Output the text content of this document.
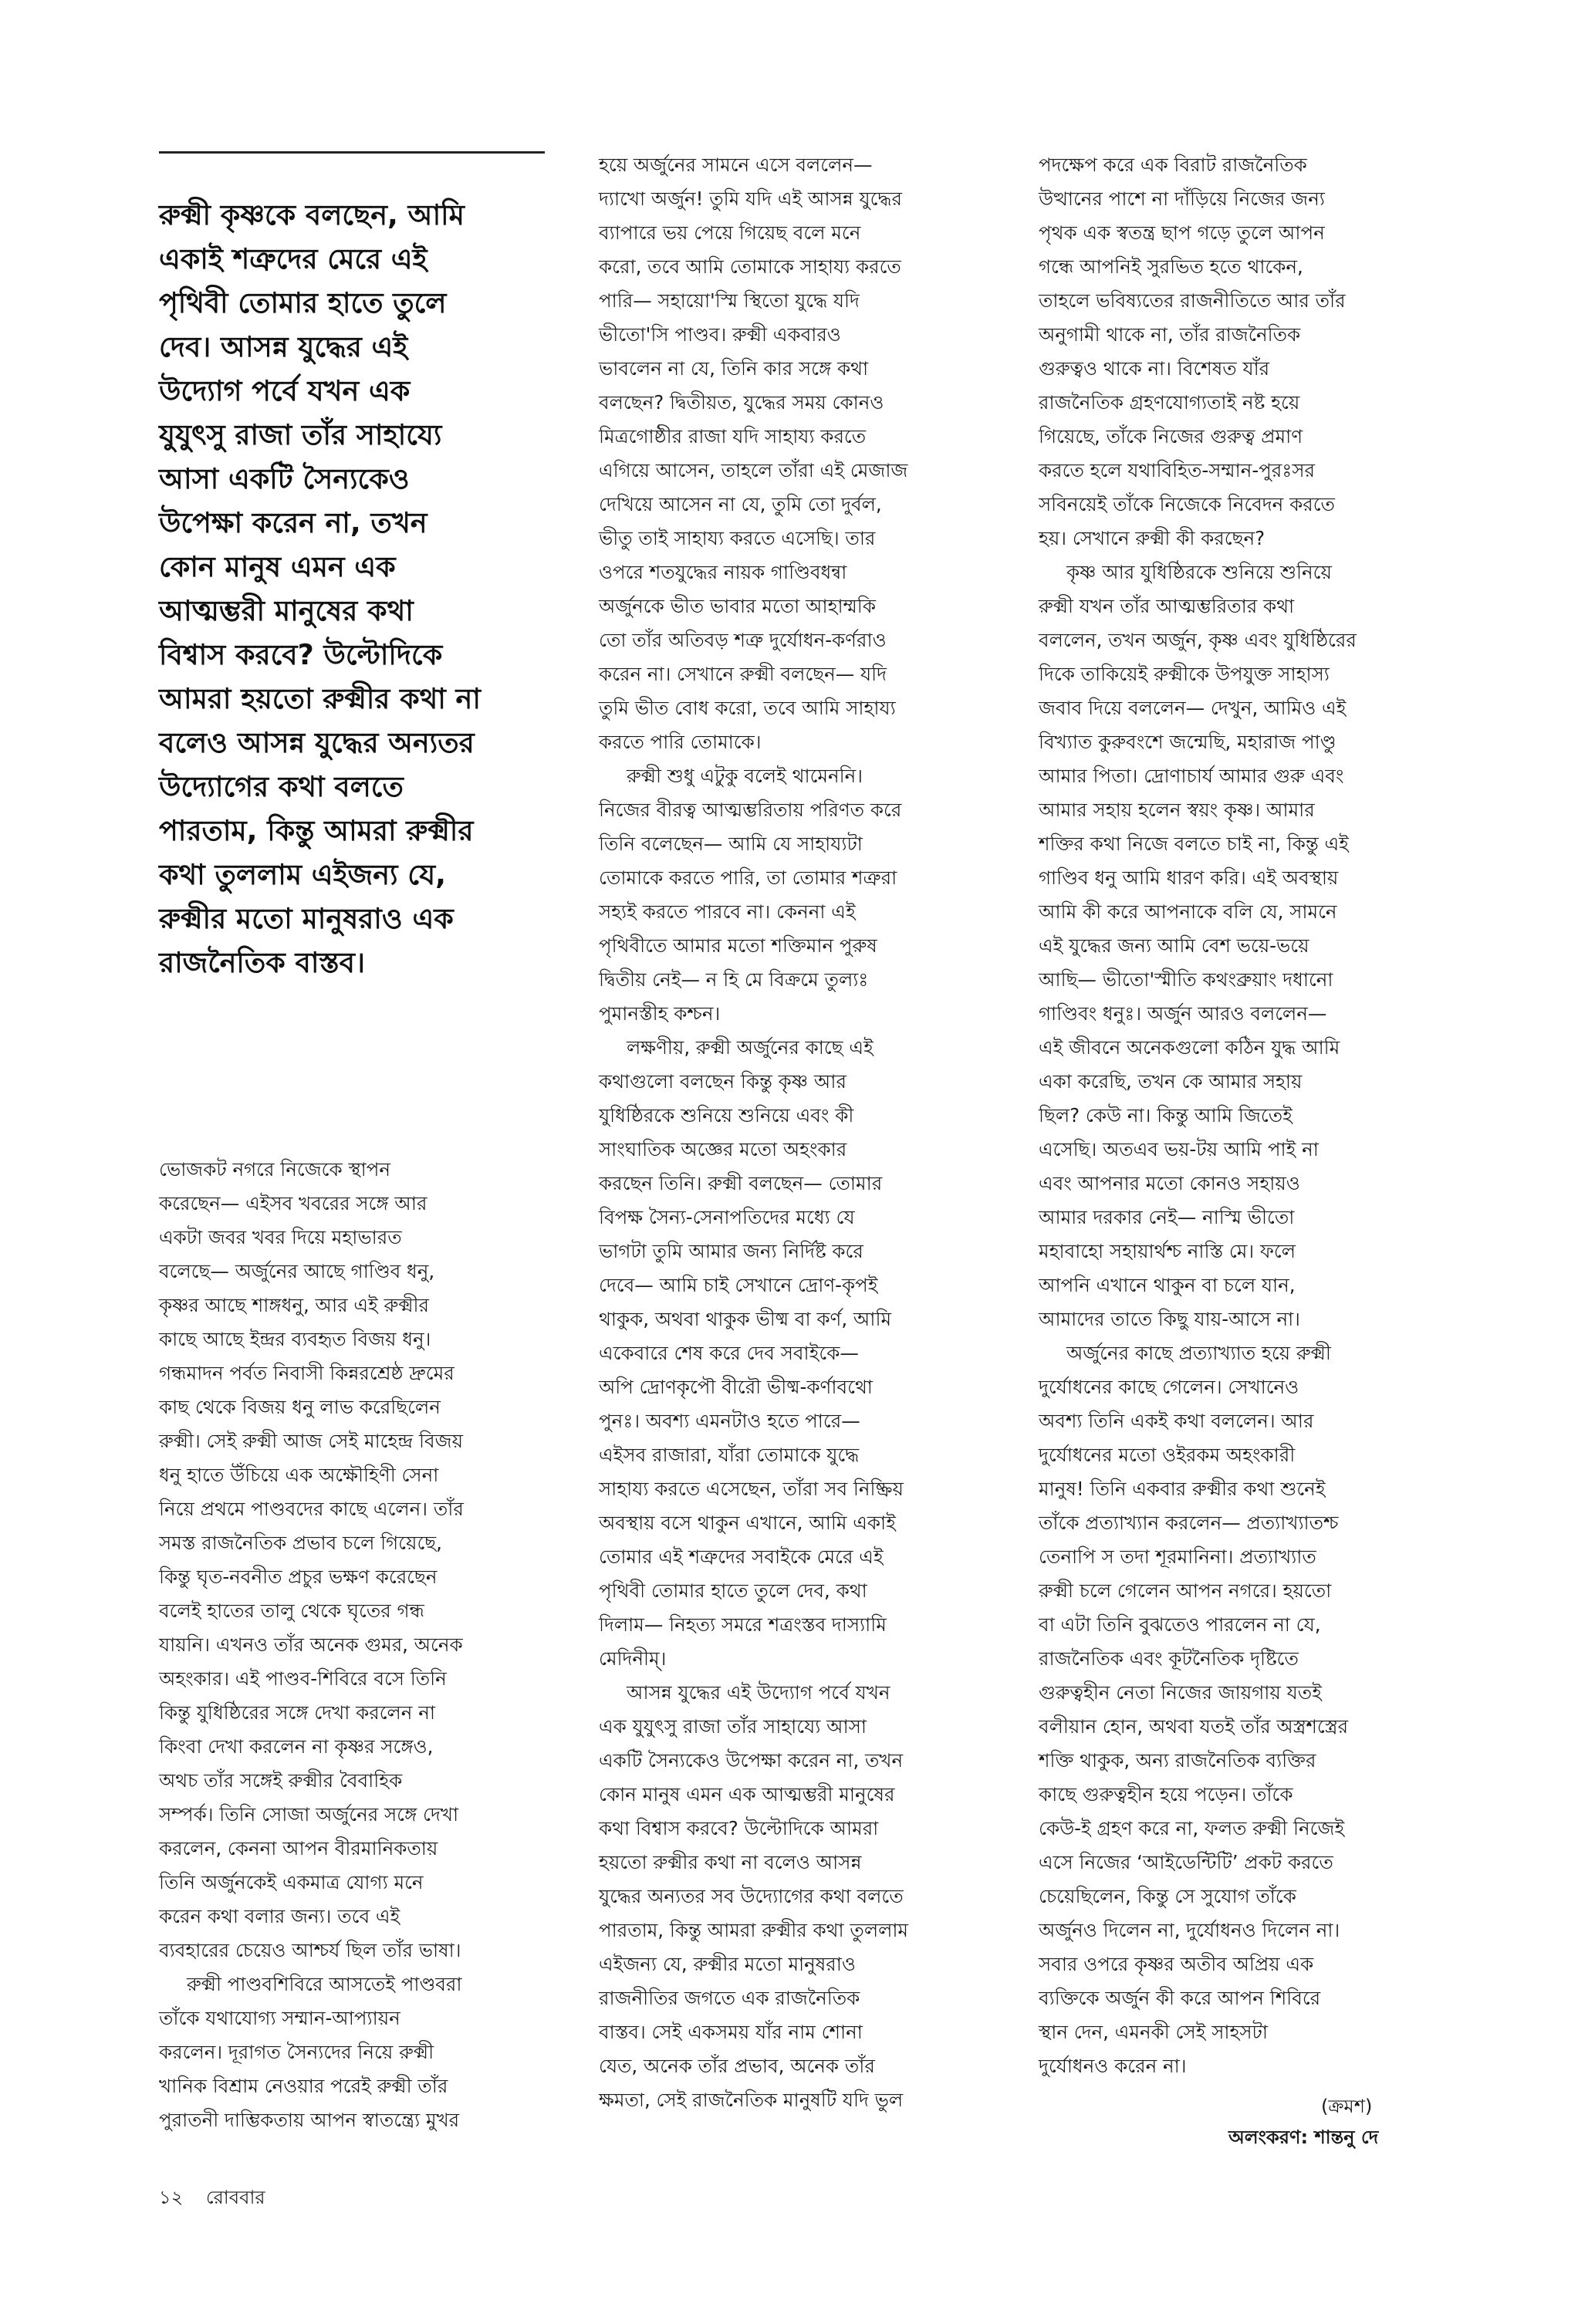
রুক্মী কৃষ্ণকে বলছেন, আমি
একাই শত্রুদের মেরে এই
পৃথিবী তোমার হাতে তুলে
দেব। আসন্ন যুদ্ধের এই
উদ্যোগ পর্বে যখন এক
যুযুৎসু রাজা তাঁর সাহায্যে
আসা একটি সৈন্যকেও
উপেক্ষা করেন না, তখন
কোন মানুষ এমন এক
আত্মম্ভরী মানুষের কথা
বিশ্বাস করবে? উল্টোদিকে
আমরা হয়তো রুক্মীর কথা না
বলেও আসন্ন যুদ্ধের অন্যতর
উদ্যোগের কথা বলতে
পারতাম, কিন্তু আমরা রুক্মীর
কথা তুললাম এইজন্য যে,
রুক্মীর মতো মানুষরাও এক
রাজনৈতিক বাস্তব।
ভোজকট নগরে নিজেকে স্থাপন
করেছেন— এইসব খবরের সঙ্গে আর
একটা জবর খবর দিয়ে মহাভারত
বলেছে— অর্জুনের আছে গাণ্ডিব ধনু,
কৃষ্ণর আছে শাঙ্গধনু, আর এই রুক্মীর
কাছে আছে ইন্দ্রর ব্যবহৃত বিজয় ধনু।
গন্ধমাদন পর্বত নিবাসী কিন্নরশ্রেষ্ঠ দ্রুমের
কাছ থেকে বিজয় ধনু লাভ করেছিলেন
রুক্মী। সেই রুক্মী আজ সেই মাহেন্দ্র বিজয়
ধনু হাতে উঁচিয়ে এক অক্ষৌহিণী সেনা
নিয়ে প্রথমে পাণ্ডবদের কাছে এলেন। তাঁর
সমস্ত রাজনৈতিক প্রভাব চলে গিয়েছে,
কিন্তু ঘৃত-নবনীত প্রচুর ভক্ষণ করেছেন
বলেই হাতের তালু থেকে ঘৃতের গন্ধ
যায়নি। এখনও তাঁর অনেক গুমর, অনেক
অহংকার। এই পাণ্ডব-শিবিরে বসে তিনি
কিন্তু যুধিষ্ঠিরের সঙ্গে দেখা করলেন না
কিংবা দেখা করলেন না কৃষ্ণর সঙ্গেও,
অথচ তাঁর সঙ্গেই রুক্মীর বৈবাহিক
সম্পর্ক। তিনি সোজা অর্জুনের সঙ্গে দেখা
করলেন, কেননা আপন বীরমানিকতায়
তিনি অর্জুনকেই একমাত্র যোগ্য মনে
করেন কথা বলার জন্য। তবে এই
ব্যবহারের চেয়েও আশ্চর্য ছিল তাঁর ভাষা।
রুক্মী পাণ্ডবশিবিরে আসতেই পাণ্ডবরা
তাঁকে যথাযোগ্য সম্মান-আপ্যায়ন
করলেন। দূরাগত সৈন্যদের নিয়ে রুক্মী
খানিক বিশ্রাম নেওয়ার পরেই রুক্মী তাঁর
পুরাতনী দাম্ভিকতায় আপন স্বাতন্ত্র্যে মুখর
হয়ে অর্জুনের সামনে এসে বললেন—
দ্যাখো অর্জুন! তুমি যদি এই আসন্ন যুদ্ধের
ব্যাপারে ভয় পেয়ে গিয়েছ বলে মনে
করো, তবে আমি তোমাকে সাহায্য করতে
পারি— সহায়ো'স্মি স্থিতো যুদ্ধে যদি
ভীতো'সি পাণ্ডব। রুক্মী একবারও
ভাবলেন না যে, তিনি কার সঙ্গে কথা
বলছেন? দ্বিতীয়ত, যুদ্ধের সময় কোনও
মিত্রগোষ্ঠীর রাজা যদি সাহায্য করতে
এগিয়ে আসেন, তাহলে তাঁরা এই মেজাজ
দেখিয়ে আসেন না যে, তুমি তো দুর্বল,
ভীতু তাই সাহায্য করতে এসেছি। তার
ওপরে শতযুদ্ধের নায়ক গাণ্ডিবধন্বা
অর্জুনকে ভীত ভাবার মতো আহাম্মকি
তো তাঁর অতিবড় শত্রু দুর্যোধন-কর্ণরাও
করেন না। সেখানে রুক্মী বলছেন— যদি
তুমি ভীত বোধ করো, তবে আমি সাহায্য
করতে পারি তোমাকে।
রুক্মী শুধু এটুকু বলেই থামেননি।
নিজের বীরত্ব আত্মম্ভরিতায় পরিণত করে
তিনি বলেছেন— আমি যে সাহায্যটা
তোমাকে করতে পারি, তা তোমার শত্রুরা
সহ্যই করতে পারবে না। কেননা এই
পৃথিবীতে আমার মতো শক্তিমান পুরুষ
দ্বিতীয় নেই— ন হি মে বিক্রমে তুল্যঃ
পুমানস্তীহ কশ্চন।
লক্ষণীয়, রুক্মী অর্জুনের কাছে এই
কথাগুলো বলছেন কিন্তু কৃষ্ণ আর
যুধিষ্ঠিরকে শুনিয়ে শুনিয়ে এবং কী
সাংঘাতিক অজ্ঞের মতো অহংকার
করছেন তিনি। রুক্মী বলছেন— তোমার
বিপক্ষ সৈন্য-সেনাপতিদের মধ্যে যে
ভাগটা তুমি আমার জন্য নির্দিষ্ট করে
দেবে— আমি চাই সেখানে দ্রোণ-কৃপই
থাকুক, অথবা থাকুক ভীষ্ম বা কর্ণ, আমি
একেবারে শেষ করে দেব সবাইকে—
অপি দ্রোণকৃপৌ বীরৌ ভীষ্ম-কর্ণাবথো
পুনঃ। অবশ্য এমনটাও হতে পারে—
এইসব রাজারা, যাঁরা তোমাকে যুদ্ধে
সাহায্য করতে এসেছেন, তাঁরা সব নিষ্ক্রিয়
অবস্থায় বসে থাকুন এখানে, আমি একাই
তোমার এই শত্রুদের সবাইকে মেরে এই
পৃথিবী তোমার হাতে তুলে দেব, কথা
দিলাম— নিহত্য সমরে শত্রংস্তব দাস্যামি
মেদিনীম্।
আসন্ন যুদ্ধের এই উদ্যোগ পর্বে যখন
এক যুযুৎসু রাজা তাঁর সাহায্যে আসা
একটি সৈন্যকেও উপেক্ষা করেন না, তখন
কোন মানুষ এমন এক আত্মম্ভরী মানুষের
কথা বিশ্বাস করবে? উল্টোদিকে আমরা
হয়তো রুক্মীর কথা না বলেও আসন্ন
যুদ্ধের অন্যতর সব উদ্যোগের কথা বলতে
পারতাম, কিন্তু আমরা রুক্মীর কথা তুললাম
এইজন্য যে, রুক্মীর মতো মানুষরাও
রাজনীতির জগতে এক রাজনৈতিক
বাস্তব। সেই একসময় যাঁর নাম শোনা
যেত, অনেক তাঁর প্রভাব, অনেক তাঁর
ক্ষমতা, সেই রাজনৈতিক মানুষটি যদি ভুল
পদক্ষেপ করে এক বিরাট রাজনৈতিক
উত্থানের পাশে না দাঁড়িয়ে নিজের জন্য
পৃথক এক স্বতন্ত্র ছাপ গড়ে তুলে আপন
গন্ধে আপনিই সুরভিত হতে থাকেন,
তাহলে ভবিষ্যতের রাজনীতিতে আর তাঁর
অনুগামী থাকে না, তাঁর রাজনৈতিক
গুরুত্বও থাকে না। বিশেষত যাঁর
রাজনৈতিক গ্রহণযোগ্যতাই নষ্ট হয়ে
গিয়েছে, তাঁকে নিজের গুরুত্ব প্রমাণ
করতে হলে যথাবিহিত-সম্মান-পুরঃসর
সবিনয়েই তাঁকে নিজেকে নিবেদন করতে
হয়। সেখানে রুক্মী কী করছেন?
কৃষ্ণ আর যুধিষ্ঠিরকে শুনিয়ে শুনিয়ে
রুক্মী যখন তাঁর আত্মম্ভরিতার কথা
বললেন, তখন অর্জুন, কৃষ্ণ এবং যুধিষ্ঠিরের
দিকে তাকিয়েই রুক্মীকে উপযুক্ত সাহাস্য
জবাব দিয়ে বললেন— দেখুন, আমিও এই
বিখ্যাত কুরুবংশে জন্মেছি, মহারাজ পাণ্ডু
আমার পিতা। দ্রোণাচার্য আমার গুরু এবং
আমার সহায় হলেন স্বয়ং কৃষ্ণ। আমার
শক্তির কথা নিজে বলতে চাই না, কিন্তু এই
গাণ্ডিব ধনু আমি ধারণ করি। এই অবস্থায়
আমি কী করে আপনাকে বলি যে, সামনে
এই যুদ্ধের জন্য আমি বেশ ভয়ে-ভয়ে
আছি— ভীতো'স্মীতি কথংব্রুয়াং দধানো
গাণ্ডিবং ধনুঃ। অর্জুন আরও বললেন—
এই জীবনে অনেকগুলো কঠিন যুদ্ধ আমি
একা করেছি, তখন কে আমার সহায়
ছিল? কেউ না। কিন্তু আমি জিতেই
এসেছি। অতএব ভয়-টয় আমি পাই না
এবং আপনার মতো কোনও সহায়ও
আমার দরকার নেই— নাস্মি ভীতো
মহাবাহো সহায়ার্থশ্চ নাস্তি মে। ফলে
আপনি এখানে থাকুন বা চলে যান,
আমাদের তাতে কিছু যায়-আসে না।
অর্জুনের কাছে প্রত্যাখ্যাত হয়ে রুক্মী
দুর্যোধনের কাছে গেলেন। সেখানেও
অবশ্য তিনি একই কথা বললেন। আর
দুর্যোধনের মতো ওইরকম অহংকারী
মানুষ! তিনি একবার রুক্মীর কথা শুনেই
তাঁকে প্রত্যাখ্যান করলেন— প্রত্যাখ্যাতশ্চ
তেনাপি স তদা শূরমানিনা। প্রত্যাখ্যাত
রুক্মী চলে গেলেন আপন নগরে। হয়তো
বা এটা তিনি বুঝতেও পারলেন না যে,
রাজনৈতিক এবং কূটনৈতিক দৃষ্টিতে
গুরুত্বহীন নেতা নিজের জায়গায় যতই
বলীয়ান হোন, অথবা যতই তাঁর অস্ত্রশস্ত্রের
শক্তি থাকুক, অন্য রাজনৈতিক ব্যক্তির
কাছে গুরুত্বহীন হয়ে পড়েন। তাঁকে
কেউ-ই গ্রহণ করে না, ফলত রুক্মী নিজেই
এসে নিজের ‘আইডেন্টিটি’ প্রকট করতে
চেয়েছিলেন, কিন্তু সে সুযোগ তাঁকে
অর্জুনও দিলেন না, দুর্যোধনও দিলেন না।
সবার ওপরে কৃষ্ণর অতীব অপ্রিয় এক
ব্যক্তিকে অর্জুন কী করে আপন শিবিরে
স্থান দেন, এমনকী সেই সাহসটা
দুর্যোধনও করেন না।
(ক্রমশ)
অলংকরণ: শান্তনু দে
১২ রোববার
